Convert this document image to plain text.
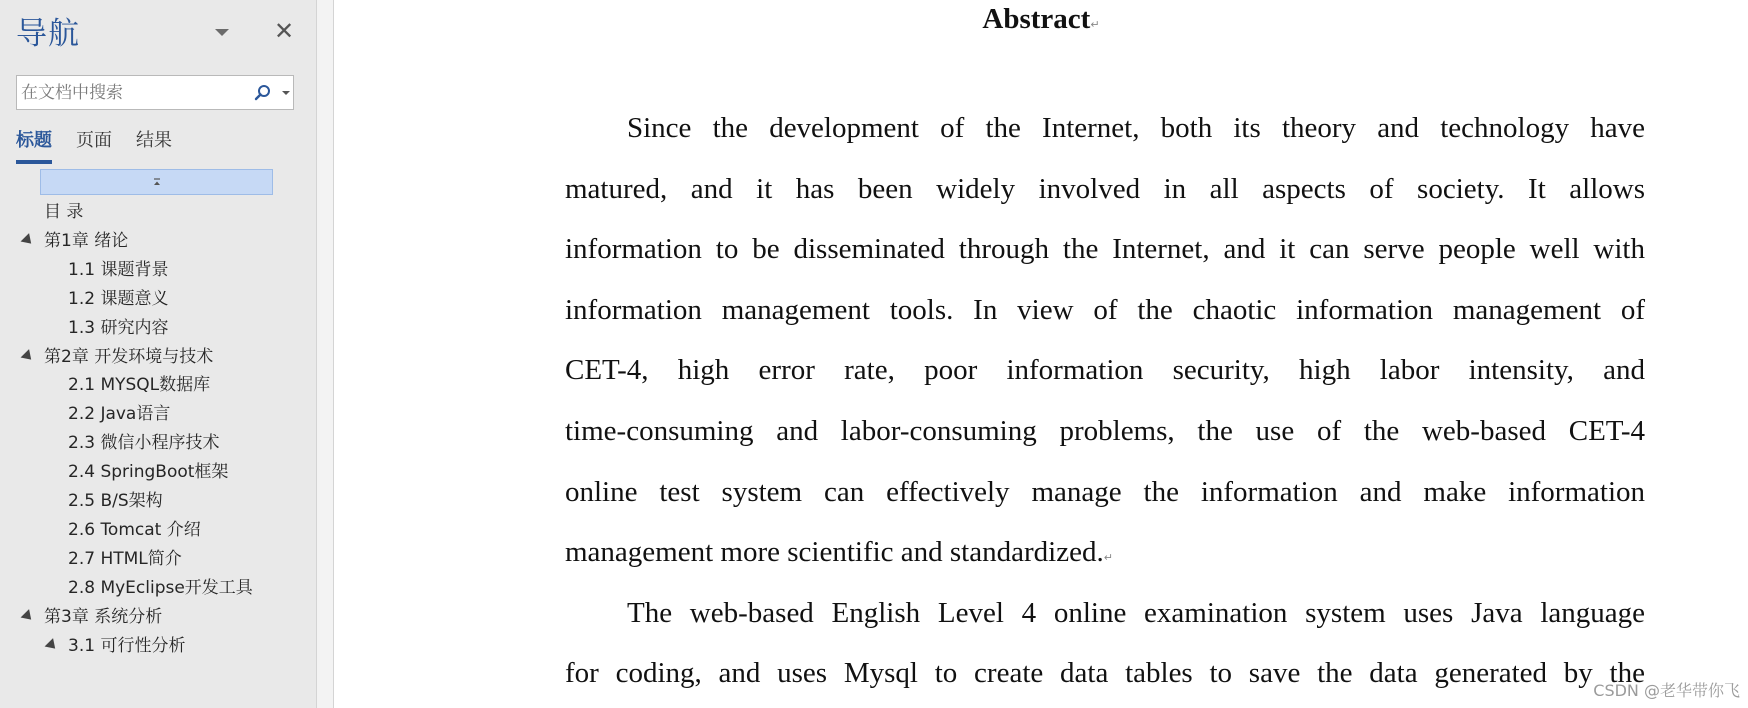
导航	✕
在文档中搜索
标题 页面 结果
目 录
第1章 绪论
1.1 课题背景
1.2 课题意义
1.3 研究内容
第2章 开发环境与技术
2.1 MYSQL数据库
2.2 Java语言
2.3 微信小程序技术
2.4 SpringBoot框架
2.5 B/S架构
2.6 Tomcat 介绍
2.7 HTML简介
2.8 MyEclipse开发工具
第3章 系统分析
3.1 可行性分析
Abstract↵
Since the development of the Internet, both its theory and technology have
matured, and it has been widely involved in all aspects of society. It allows
information to be disseminated through the Internet, and it can serve people well with
information management tools. In view of the chaotic information management of
CET-4, high error rate, poor information security, high labor intensity, and
time-consuming and labor-consuming problems, the use of the web-based CET-4
online test system can effectively manage the information and make information
management more scientific and standardized.↵
The web-based English Level 4 online examination system uses Java language
for coding, and uses Mysql to create data tables to save the data generated by the
CSDN @老华带你飞
